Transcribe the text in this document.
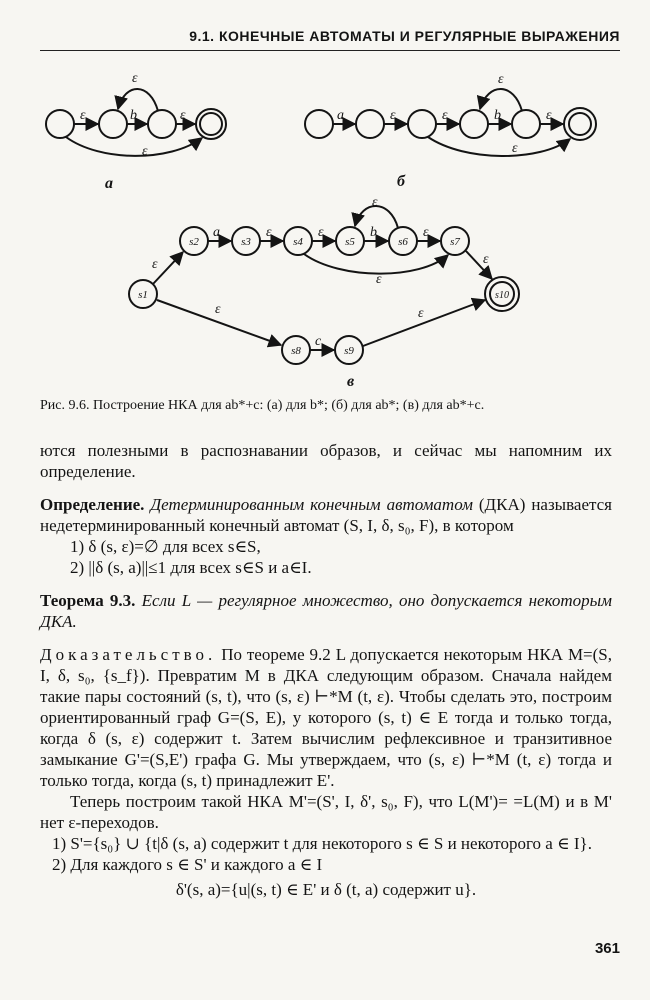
9.1. КОНЕЧНЫЕ АВТОМАТЫ И РЕГУЛЯРНЫЕ ВЫРАЖЕНИЯ
ε
ε	b	ε
ε
а
a	ε	ε	b	ε
ε
ε
б
ε
a	ε	ε	b	ε
ε
ε
ε
ε
c
ε
в
s1
s2	s3	s4	s5	s6	s7
s8	s9
s10
Рис. 9.6. Построение НКА для ab*+c: (а) для b*; (б) для ab*; (в) для ab*+c.

ются полезными в распознавании образов, и сейчас мы напомним их определение.

Определение. Детерминированным конечным автоматом (ДКА) называется недетерминированный конечный автомат (S, I, δ, s₀, F), в котором

1) δ (s, ε)=∅ для всех s∈S,

2) ||δ (s, a)||≤1 для всех s∈S и a∈I.

Теорема 9.3. Если L — регулярное множество, оно допускается некоторым ДКА.

Доказательство. По теореме 9.2 L допускается некоторым НКА M=(S, I, δ, s₀, {s_f}). Превратим M в ДКА следующим образом. Сначала найдем такие пары состояний (s, t), что (s, ε) ⊢*M (t, ε). Чтобы сделать это, построим ориентированный граф G=(S, E), у которого (s, t) ∈ E тогда и только тогда, когда δ (s, ε) содержит t. Затем вычислим рефлексивное и транзитивное замыкание G'=(S,E') графа G. Мы утверждаем, что (s, ε) ⊢*M (t, ε) тогда и только тогда, когда (s, t) принадлежит E'.

Теперь построим такой НКА M'=(S', I, δ', s₀, F), что L(M')= =L(M) и в M' нет ε-переходов.

1) S'={s₀} ∪ {t|δ (s, a) содержит t для некоторого s ∈ S и некоторого a ∈ I}.

2) Для каждого s ∈ S' и каждого a ∈ I

δ'(s, a)={u|(s, t) ∈ E' и δ (t, a) содержит u}.

361
